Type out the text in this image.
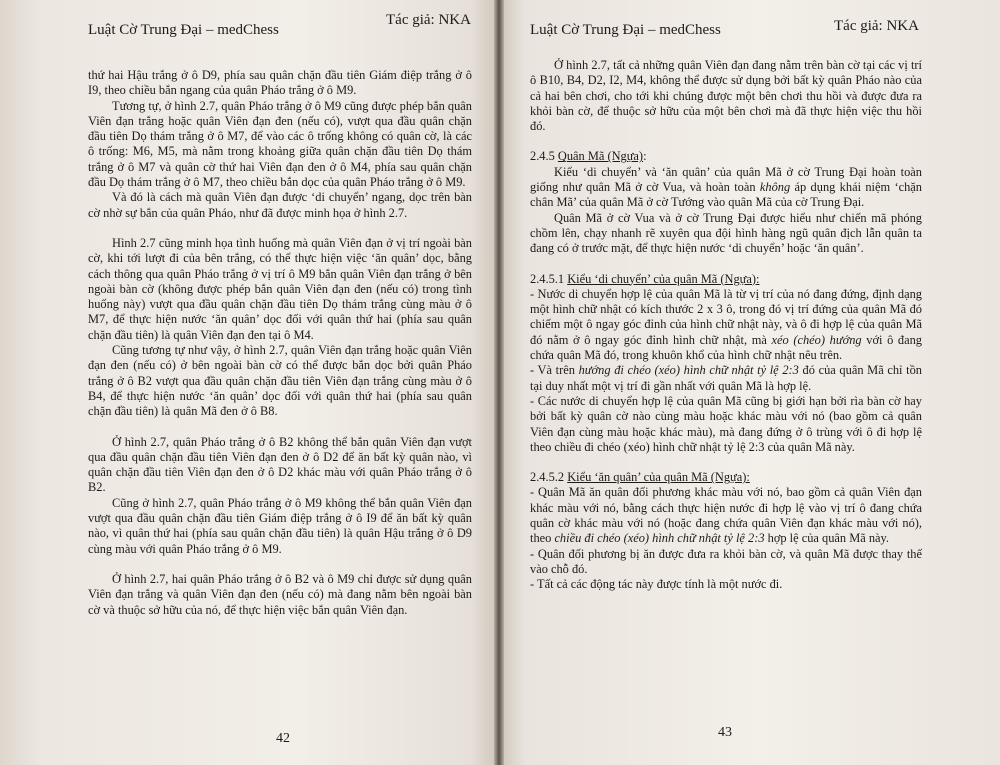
Luật Cờ Trung Đại – medChess
Tác giả: NKA

thứ hai Hậu trắng ở ô D9, phía sau quân chặn đầu tiên Giám điệp trắng ở ô I9, theo chiều bắn ngang của quân Pháo trắng ở ô M9.

Tương tự, ở hình 2.7, quân Pháo trắng ở ô M9 cũng được phép bắn quân Viên đạn trắng hoặc quân Viên đạn đen (nếu có), vượt qua đầu quân chặn đầu tiên Dọ thám trắng ở ô M7, để vào các ô trống không có quân cờ, là các ô trống: M6, M5, mà nằm trong khoảng giữa quân chặn đầu tiên Dọ thám trắng ở ô M7 và quân cờ thứ hai Viên đạn đen ở ô M4, phía sau quân chặn đầu Dọ thám trắng ở ô M7, theo chiều bắn dọc của quân Pháo trắng ở ô M9.

Và đó là cách mà quân Viên đạn được ‘di chuyển’ ngang, dọc trên bàn cờ nhờ sự bắn của quân Pháo, như đã được minh họa ở hình 2.7.

Hình 2.7 cũng minh họa tình huống mà quân Viên đạn ở vị trí ngoài bàn cờ, khi tới lượt đi của bên trắng, có thể thực hiện việc ‘ăn quân’ dọc, bằng cách thông qua quân Pháo trắng ở vị trí ô M9 bắn quân Viên đạn trắng ở bên ngoài bàn cờ (không được phép bắn quân Viên đạn đen (nếu có) trong tình huống này) vượt qua đầu quân chặn đầu tiên Dọ thám trắng cùng màu ở ô M7, để thực hiện nước ‘ăn quân’ dọc đối với quân thứ hai (phía sau quân chặn đầu tiên) là quân Viên đạn đen tại ô M4.

Cũng tương tự như vậy, ở hình 2.7, quân Viên đạn trắng hoặc quân Viên đạn đen (nếu có) ở bên ngoài bàn cờ có thể được bắn dọc bởi quân Pháo trắng ở ô B2 vượt qua đầu quân chặn đầu tiên Viên đạn trắng cùng màu ở ô B4, để thực hiện nước ‘ăn quân’ dọc đối với quân thứ hai (phía sau quân chặn đầu tiên) là quân Mã đen ở ô B8.

Ở hình 2.7, quân Pháo trắng ở ô B2 không thể bắn quân Viên đạn vượt qua đầu quân chặn đầu tiên Viên đạn đen ở ô D2 để ăn bất kỳ quân nào, vì quân chặn đầu tiên Viên đạn đen ở ô D2 khác màu với quân Pháo trắng ở ô B2.

Cũng ở hình 2.7, quân Pháo trắng ở ô M9 không thể bắn quân Viên đạn vượt qua đầu quân chặn đầu tiên Giám điệp trắng ở ô I9 để ăn bất kỳ quân nào, vì quân thứ hai (phía sau quân chặn đầu tiên) là quân Hậu trắng ở ô D9 cùng màu với quân Pháo trắng ở ô M9.

Ở hình 2.7, hai quân Pháo trắng ở ô B2 và ô M9 chỉ được sử dụng quân Viên đạn trắng và quân Viên đạn đen (nếu có) mà đang nằm bên ngoài bàn cờ và thuộc sở hữu của nó, để thực hiện việc bắn quân Viên đạn.

42
Luật Cờ Trung Đại – medChess	Tác giả: NKA

Ở hình 2.7, tất cả những quân Viên đạn đang nằm trên bàn cờ tại các vị trí ô B10, B4, D2, I2, M4, không thể được sử dụng bởi bất kỳ quân Pháo nào của cả hai bên chơi, cho tới khi chúng được một bên chơi thu hồi và được đưa ra khỏi bàn cờ, để thuộc sở hữu của một bên chơi mà đã thực hiện việc thu hồi đó.

2.4.5 Quân Mã (Ngựa):

Kiểu ‘di chuyển’ và ‘ăn quân’ của quân Mã ở cờ Trung Đại hoàn toàn giống như quân Mã ở cờ Vua, và hoàn toàn không áp dụng khái niệm ‘chặn chân Mã’ của quân Mã ở cờ Tướng vào quân Mã của cờ Trung Đại.

Quân Mã ở cờ Vua và ở cờ Trung Đại được hiểu như chiến mã phóng chồm lên, chạy nhanh rẽ xuyên qua đội hình hàng ngũ quân địch lẫn quân ta đang có ở trước mặt, để thực hiện nước ‘di chuyển’ hoặc ‘ăn quân’.

2.4.5.1 Kiểu ‘di chuyển’ của quân Mã (Ngựa):

- Nước di chuyển hợp lệ của quân Mã là từ vị trí của nó đang đứng, định dạng một hình chữ nhật có kích thước 2 x 3 ô, trong đó vị trí đứng của quân Mã đó chiếm một ô ngay góc đỉnh của hình chữ nhật này, và ô đi hợp lệ của quân Mã đó nằm ở ô ngay góc đỉnh hình chữ nhật, mà xéo (chéo) hướng với ô đang chứa quân Mã đó, trong khuôn khổ của hình chữ nhật nêu trên.

- Và trên hướng đi chéo (xéo) hình chữ nhật tỷ lệ 2:3 đó của quân Mã chỉ tồn tại duy nhất một vị trí đi gần nhất với quân Mã là hợp lệ.

- Các nước di chuyển hợp lệ của quân Mã cũng bị giới hạn bởi rìa bàn cờ hay bởi bất kỳ quân cờ nào cùng màu hoặc khác màu với nó (bao gồm cả quân Viên đạn cùng màu hoặc khác màu), mà đang đứng ở ô trùng với ô đi hợp lệ theo chiều đi chéo (xéo) hình chữ nhật tỷ lệ 2:3 của quân Mã này.

2.4.5.2 Kiểu ‘ăn quân’ của quân Mã (Ngựa):

- Quân Mã ăn quân đối phương khác màu với nó, bao gồm cả quân Viên đạn khác màu với nó, bằng cách thực hiện nước đi hợp lệ vào vị trí ô đang chứa quân cờ khác màu với nó (hoặc đang chứa quân Viên đạn khác màu với nó), theo chiều đi chéo (xéo) hình chữ nhật tỷ lệ 2:3 hợp lệ của quân Mã này.

- Quân đối phương bị ăn được đưa ra khỏi bàn cờ, và quân Mã được thay thế vào chỗ đó.

- Tất cả các động tác này được tính là một nước đi.

43
